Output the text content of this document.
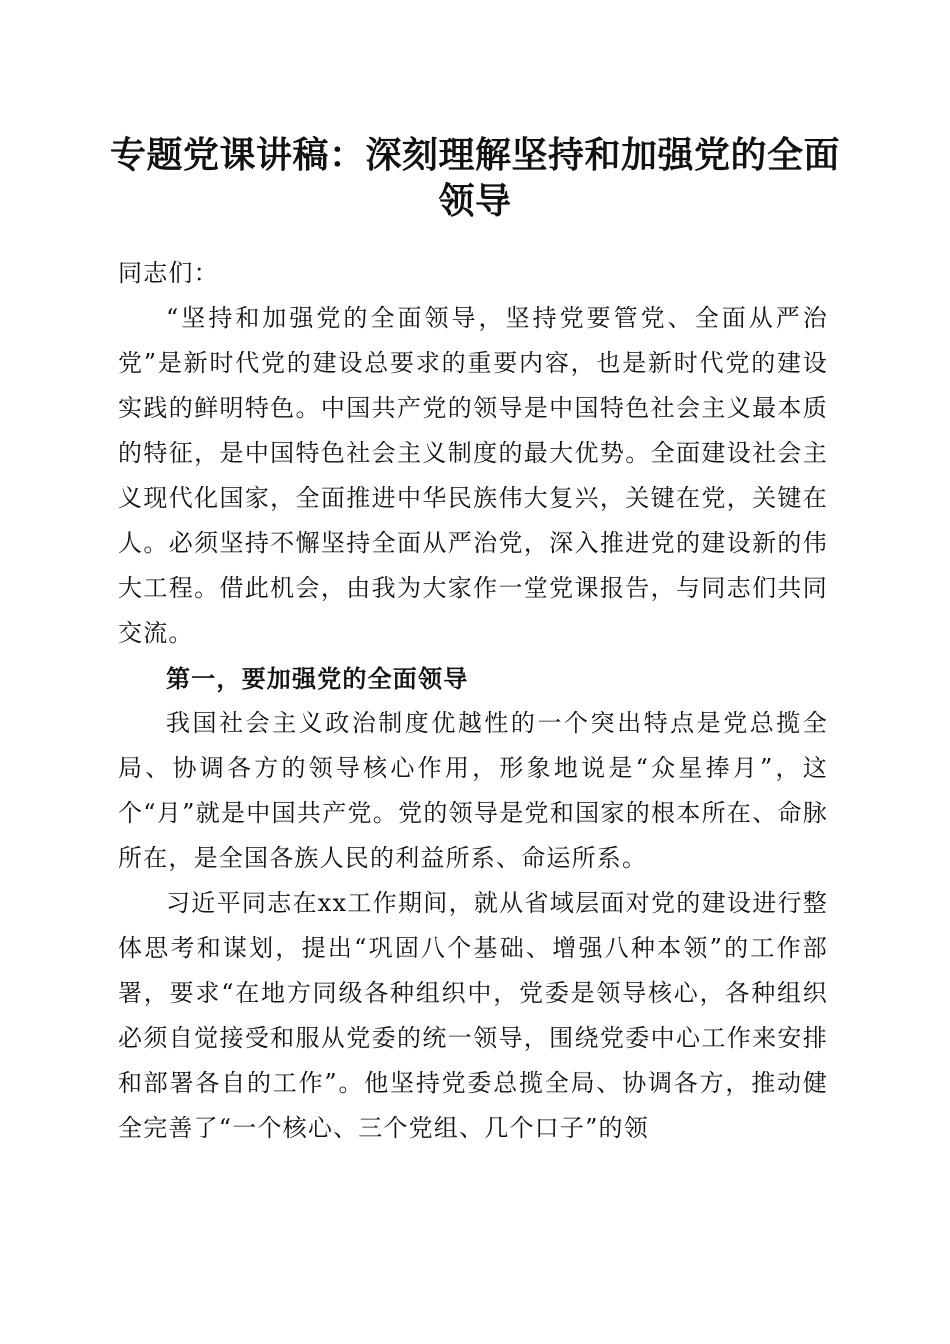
专题党课讲稿：深刻理解坚持和加强党的全面
领导

同志们：

“坚持和加强党的全面领导，坚持党要管党、全面从严治党”是新时代党的建设总要求的重要内容，也是新时代党的建设实践的鲜明特色。中国共产党的领导是中国特色社会主义最本质的特征，是中国特色社会主义制度的最大优势。全面建设社会主义现代化国家，全面推进中华民族伟大复兴，关键在党，关键在人。必须坚持不懈坚持全面从严治党，深入推进党的建设新的伟大工程。借此机会，由我为大家作一堂党课报告，与同志们共同交流。

第一，要加强党的全面领导

我国社会主义政治制度优越性的一个突出特点是党总揽全局、协调各方的领导核心作用，形象地说是“众星捧月”，这个“月”就是中国共产党。党的领导是党和国家的根本所在、命脉所在，是全国各族人民的利益所系、命运所系。

习近平同志在xx工作期间，就从省域层面对党的建设进行整体思考和谋划，提出“巩固八个基础、增强八种本领”的工作部署，要求“在地方同级各种组织中，党委是领导核心，各种组织必须自觉接受和服从党委的统一领导，围绕党委中心工作来安排和部署各自的工作”。他坚持党委总揽全局、协调各方，推动健全完善了“一个核心、三个党组、几个口子”的领
